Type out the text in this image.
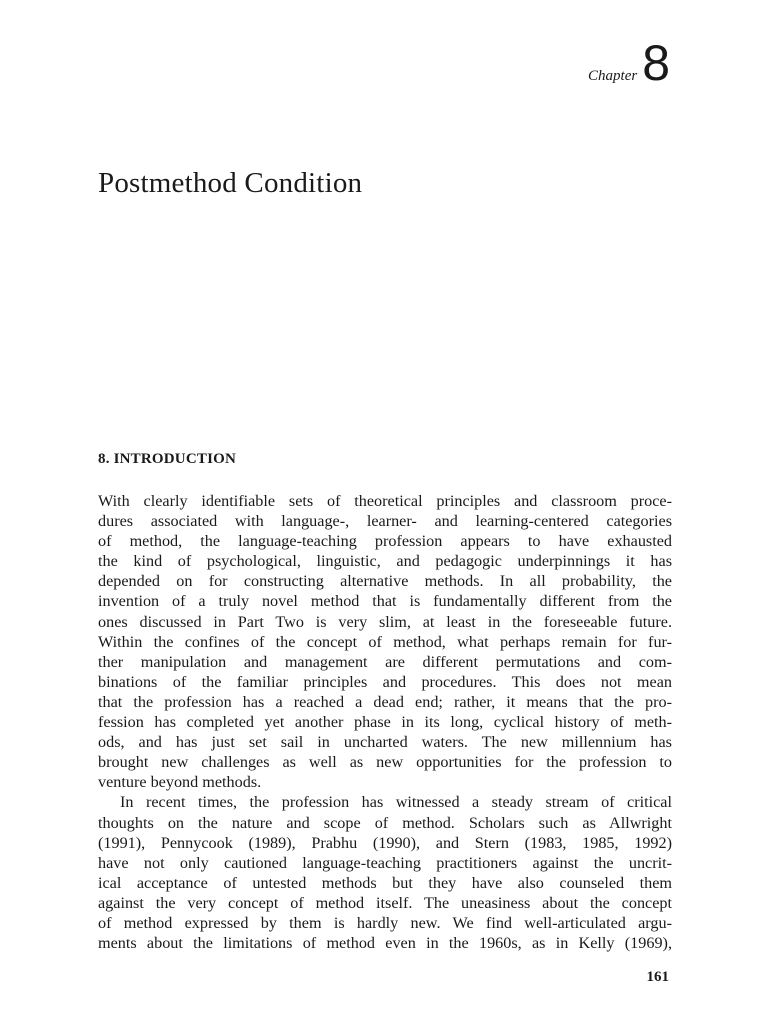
Chapter 8
Postmethod Condition
8. INTRODUCTION

With clearly identifiable sets of theoretical principles and classroom proce-
dures associated with language-, learner- and learning-centered categories
of method, the language-teaching profession appears to have exhausted
the kind of psychological, linguistic, and pedagogic underpinnings it has
depended on for constructing alternative methods. In all probability, the
invention of a truly novel method that is fundamentally different from the
ones discussed in Part Two is very slim, at least in the foreseeable future.
Within the confines of the concept of method, what perhaps remain for fur-
ther manipulation and management are different permutations and com-
binations of the familiar principles and procedures. This does not mean
that the profession has a reached a dead end; rather, it means that the pro-
fession has completed yet another phase in its long, cyclical history of meth-
ods, and has just set sail in uncharted waters. The new millennium has
brought new challenges as well as new opportunities for the profession to
venture beyond methods.

In recent times, the profession has witnessed a steady stream of critical
thoughts on the nature and scope of method. Scholars such as Allwright
(1991), Pennycook (1989), Prabhu (1990), and Stern (1983, 1985, 1992)
have not only cautioned language-teaching practitioners against the uncrit-
ical acceptance of untested methods but they have also counseled them
against the very concept of method itself. The uneasiness about the concept
of method expressed by them is hardly new. We find well-articulated argu-
ments about the limitations of method even in the 1960s, as in Kelly (1969),

161
